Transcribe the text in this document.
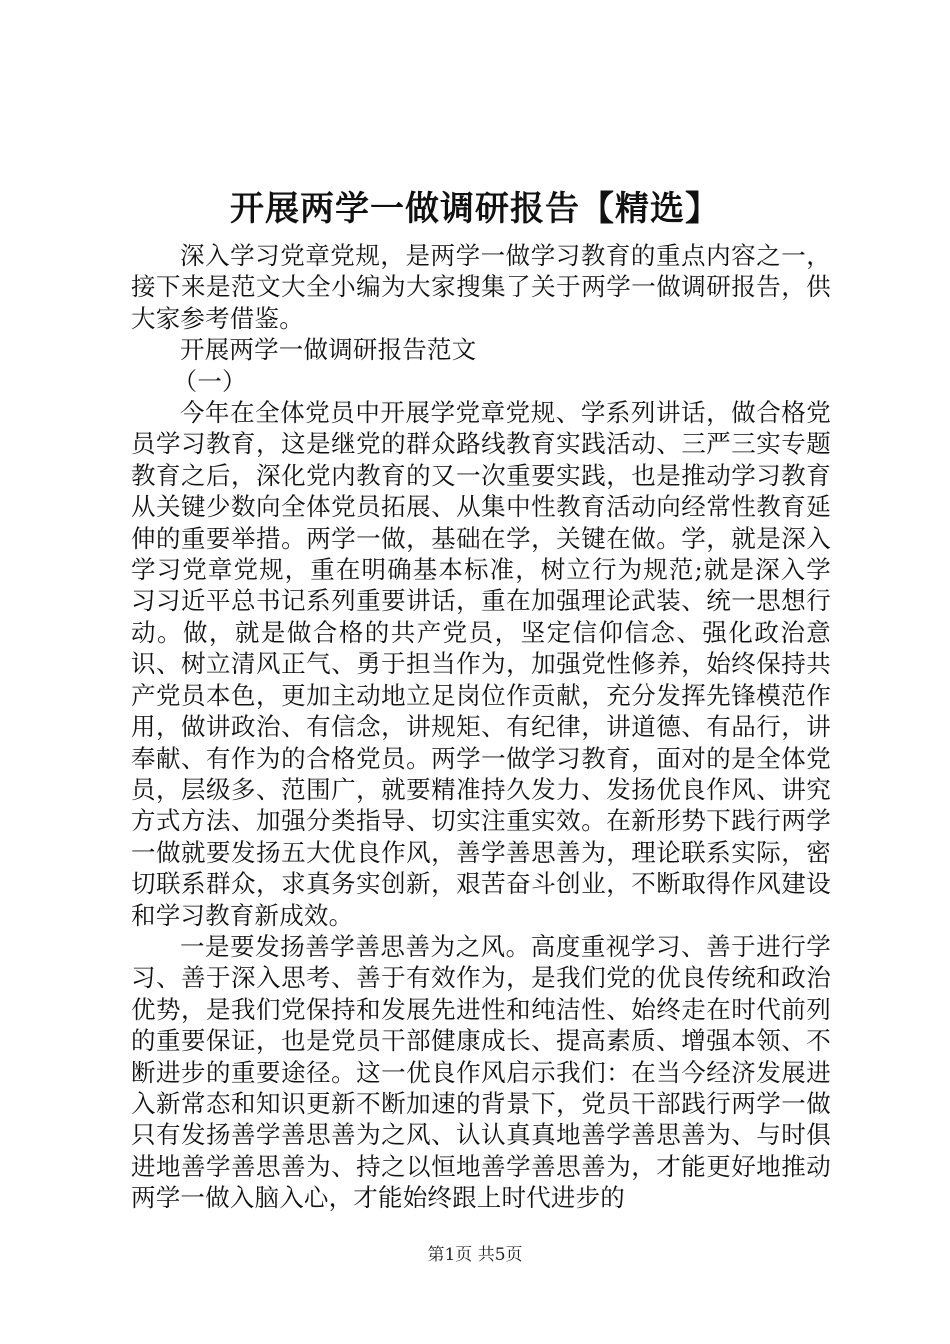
开展两学一做调研报告【精选】

深入学习党章党规，是两学一做学习教育的重点内容之一，接下来是范文大全小编为大家搜集了关于两学一做调研报告，供大家参考借鉴。

开展两学一做调研报告范文

（一）

今年在全体党员中开展学党章党规、学系列讲话，做合格党员学习教育，这是继党的群众路线教育实践活动、三严三实专题教育之后，深化党内教育的又一次重要实践，也是推动学习教育从关键少数向全体党员拓展、从集中性教育活动向经常性教育延伸的重要举措。两学一做，基础在学，关键在做。学，就是深入学习党章党规，重在明确基本标准，树立行为规范;就是深入学习习近平总书记系列重要讲话，重在加强理论武装、统一思想行动。做，就是做合格的共产党员，坚定信仰信念、强化政治意识、树立清风正气、勇于担当作为，加强党性修养，始终保持共产党员本色，更加主动地立足岗位作贡献，充分发挥先锋模范作用，做讲政治、有信念，讲规矩、有纪律，讲道德、有品行，讲奉献、有作为的合格党员。两学一做学习教育，面对的是全体党员，层级多、范围广，就要精准持久发力、发扬优良作风、讲究方式方法、加强分类指导、切实注重实效。在新形势下践行两学一做就要发扬五大优良作风，善学善思善为，理论联系实际，密切联系群众，求真务实创新，艰苦奋斗创业，不断取得作风建设和学习教育新成效。

一是要发扬善学善思善为之风。高度重视学习、善于进行学习、善于深入思考、善于有效作为，是我们党的优良传统和政治优势，是我们党保持和发展先进性和纯洁性、始终走在时代前列的重要保证，也是党员干部健康成长、提高素质、增强本领、不断进步的重要途径。这一优良作风启示我们：在当今经济发展进入新常态和知识更新不断加速的背景下，党员干部践行两学一做只有发扬善学善思善为之风、认认真真地善学善思善为、与时俱进地善学善思善为、持之以恒地善学善思善为，才能更好地推动两学一做入脑入心，才能始终跟上时代进步的

第1页 共5页
